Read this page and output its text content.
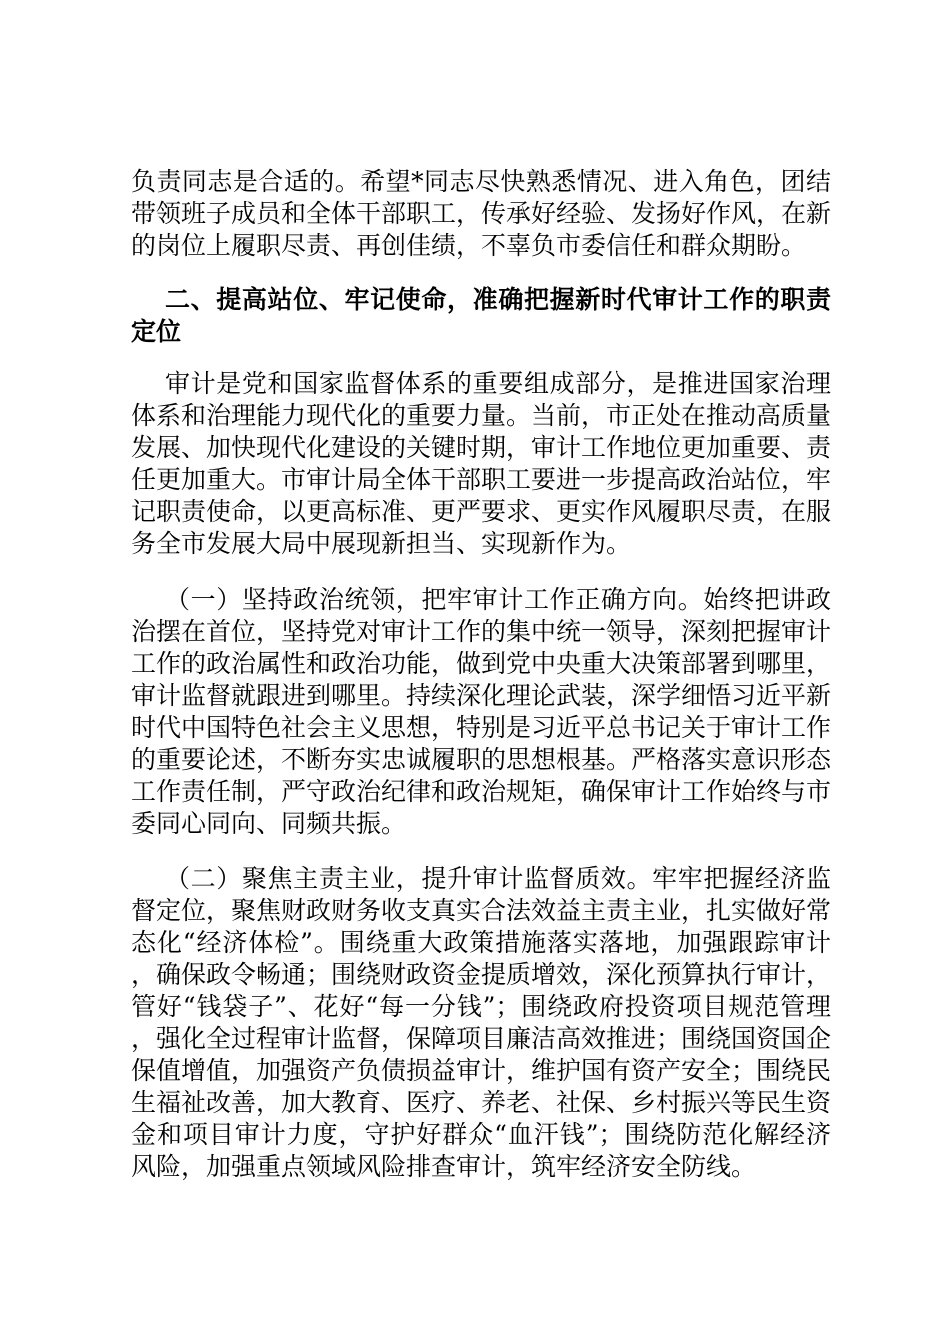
负责同志是合适的。希望*同志尽快熟悉情况、进入角色，团结带领班子成员和全体干部职工，传承好经验、发扬好作风，在新的岗位上履职尽责、再创佳绩，不辜负市委信任和群众期盼。

二、提高站位、牢记使命，准确把握新时代审计工作的职责定位

审计是党和国家监督体系的重要组成部分，是推进国家治理体系和治理能力现代化的重要力量。当前，市正处在推动高质量发展、加快现代化建设的关键时期，审计工作地位更加重要、责任更加重大。市审计局全体干部职工要进一步提高政治站位，牢记职责使命，以更高标准、更严要求、更实作风履职尽责，在服务全市发展大局中展现新担当、实现新作为。

（一）坚持政治统领，把牢审计工作正确方向。始终把讲政治摆在首位，坚持党对审计工作的集中统一领导，深刻把握审计工作的政治属性和政治功能，做到党中央重大决策部署到哪里，审计监督就跟进到哪里。持续深化理论武装，深学细悟习近平新时代中国特色社会主义思想，特别是习近平总书记关于审计工作的重要论述，不断夯实忠诚履职的思想根基。严格落实意识形态工作责任制，严守政治纪律和政治规矩，确保审计工作始终与市委同心同向、同频共振。

（二）聚焦主责主业，提升审计监督质效。牢牢把握经济监督定位，聚焦财政财务收支真实合法效益主责主业，扎实做好常态化“经济体检”。围绕重大政策措施落实落地，加强跟踪审计，确保政令畅通；围绕财政资金提质增效，深化预算执行审计，管好“钱袋子”、花好“每一分钱”；围绕政府投资项目规范管理，强化全过程审计监督，保障项目廉洁高效推进；围绕国资国企保值增值，加强资产负债损益审计，维护国有资产安全；围绕民生福祉改善，加大教育、医疗、养老、社保、乡村振兴等民生资金和项目审计力度，守护好群众“血汗钱”；围绕防范化解经济风险，加强重点领域风险排查审计，筑牢经济安全防线。
